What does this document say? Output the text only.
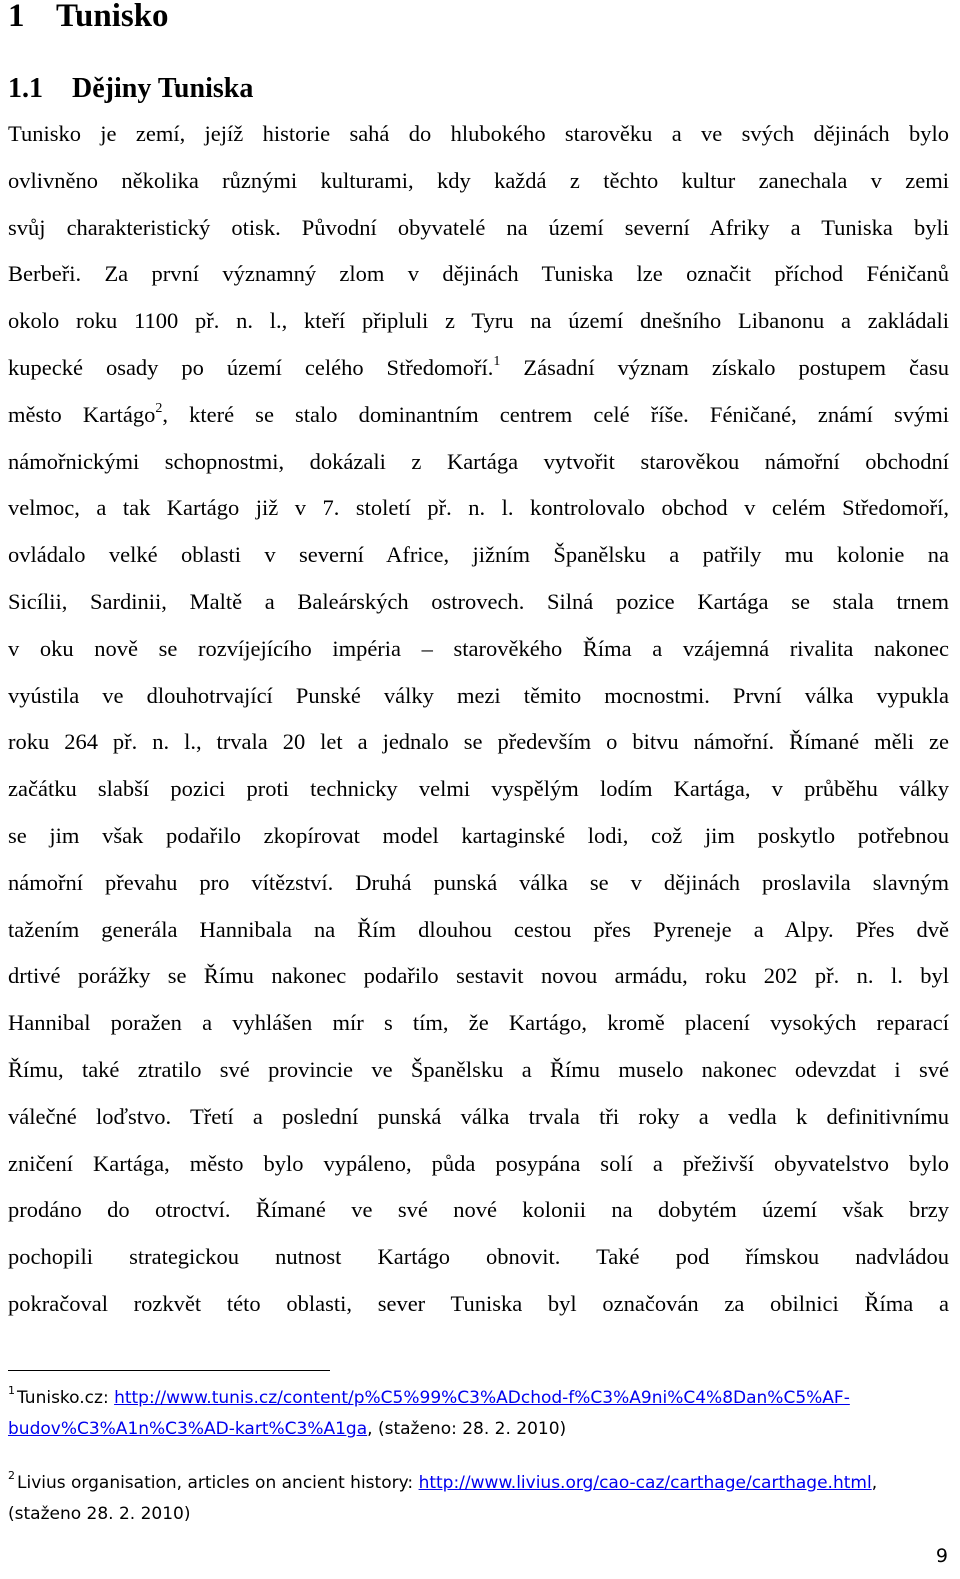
1 Tunisko
1.1 Dějiny Tuniska
Tunisko je zemí, jejíž historie sahá do hlubokého starověku a ve svých dějinách bylo
ovlivněno několika různými kulturami, kdy každá z těchto kultur zanechala v zemi
svůj charakteristický otisk. Původní obyvatelé na území severní Afriky a Tuniska byli
Berbeři. Za první významný zlom v dějinách Tuniska lze označit příchod Féničanů
okolo roku 1100 př. n. l., kteří připluli z Tyru na území dnešního Libanonu a zakládali
kupecké osady po území celého Středomoří.$^1$ Zásadní význam získalo postupem času
město Kartágo$^2$, které se stalo dominantním centrem celé říše. Féničané, známí svými
námořnickými schopnostmi, dokázali z Kartága vytvořit starověkou námořní obchodní
velmoc, a tak Kartágo již v 7. století př. n. l. kontrolovalo obchod v celém Středomoří,
ovládalo velké oblasti v severní Africe, jižním Španělsku a patřily mu kolonie na
Sicílii, Sardinii, Maltě a Baleárských ostrovech. Silná pozice Kartága se stala trnem
v oku nově se rozvíjejícího impéria – starověkého Říma a vzájemná rivalita nakonec
vyústila ve dlouhotrvající Punské války mezi těmito mocnostmi. První válka vypukla
roku 264 př. n. l., trvala 20 let a jednalo se především o bitvu námořní. Římané měli ze
začátku slabší pozici proti technicky velmi vyspělým lodím Kartága, v průběhu války
se jim však podařilo zkopírovat model kartaginské lodi, což jim poskytlo potřebnou
námořní převahu pro vítězství. Druhá punská válka se v dějinách proslavila slavným
tažením generála Hannibala na Řím dlouhou cestou přes Pyreneje a Alpy. Přes dvě
drtivé porážky se Římu nakonec podařilo sestavit novou armádu, roku 202 př. n. l. byl
Hannibal poražen a vyhlášen mír s tím, že Kartágo, kromě placení vysokých reparací
Římu, také ztratilo své provincie ve Španělsku a Římu muselo nakonec odevzdat i své
válečné loďstvo. Třetí a poslední punská válka trvala tři roky a vedla k definitivnímu
zničení Kartága, město bylo vypáleno, půda posypána solí a přeživší obyvatelstvo bylo
prodáno do otroctví. Římané ve své nové kolonii na dobytém území však brzy
pochopili strategickou nutnost Kartágo obnovit. Také pod římskou nadvládou
pokračoval rozkvět této oblasti, sever Tuniska byl označován za obilnici Říma a
$^1$ Tunisko.cz: http://www.tunis.cz/content/p%C5%99%C3%ADchod-f%C3%A9ni%C4%8Dan%C5%AF-
budov%C3%A1n%C3%AD-kart%C3%A1ga, (staženo: 28. 2. 2010)
$^2$ Livius organisation, articles on ancient history: http://www.livius.org/cao-caz/carthage/carthage.html,
(staženo 28. 2. 2010)
9
